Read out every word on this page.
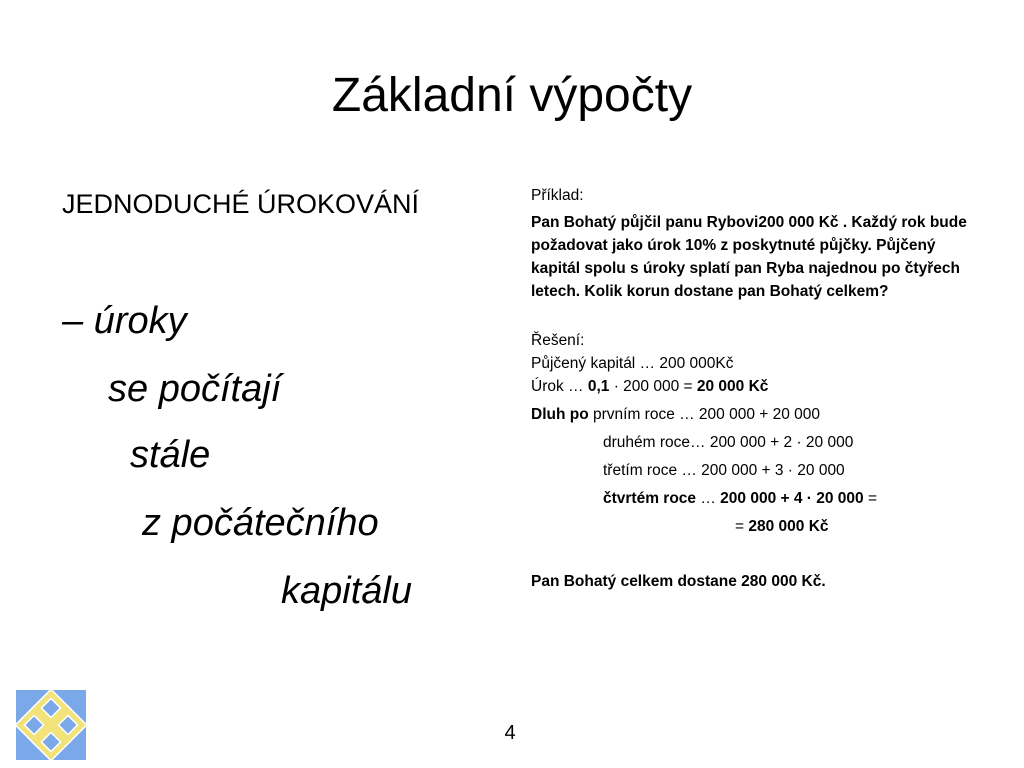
Základní výpočty
JEDNODUCHÉ ÚROKOVÁNÍ
– úroky
se počítají
stále
z počátečního
kapitálu
Příklad:
Pan Bohatý půjčil panu Rybovi200 000 Kč . Každý rok bude požadovat jako úrok 10% z poskytnuté půjčky. Půjčený kapitál spolu s úroky splatí pan Ryba najednou po čtyřech letech. Kolik korun dostane pan Bohatý celkem?
Řešení:
Půjčený kapitál … 200 000Kč
Úrok … 0,1 · 200 000 = 20 000 Kč
Dluh po prvním roce … 200 000 + 20 000
druhém roce… 200 000 + 2 · 20 000
třetím roce … 200 000 + 3 · 20 000
čtvrtém roce … 200 000 + 4 · 20 000 =
= 280 000 Kč
Pan Bohatý celkem dostane 280 000 Kč.
4
